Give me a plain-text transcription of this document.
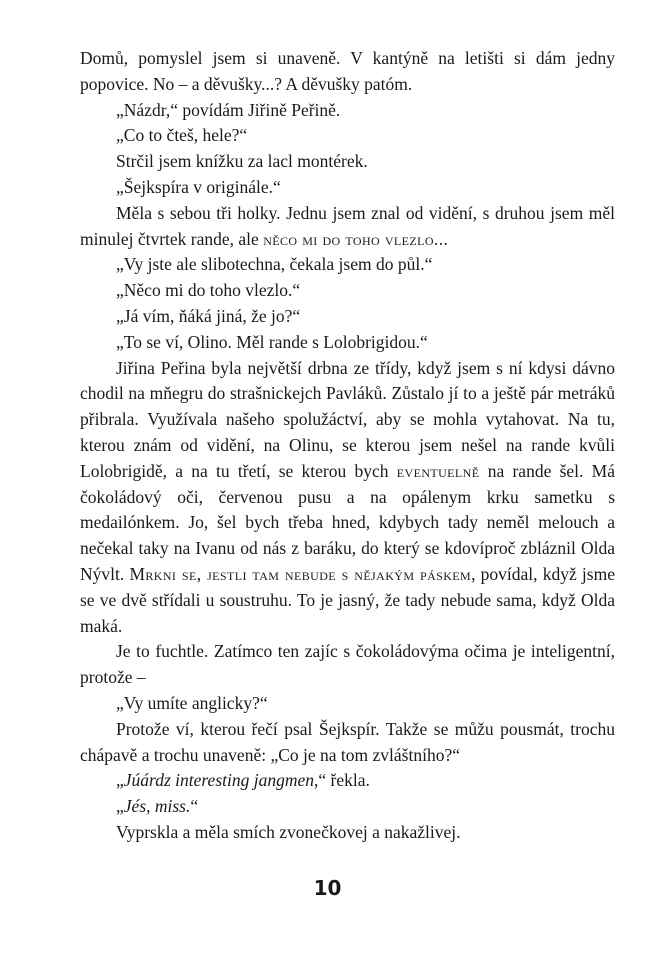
Domů, pomyslel jsem si unaveně. V kantýně na letišti si dám jedny popovice. No – a děvušky...? A děvušky patóm.

„Názdr,“ povídám Jiřině Peřině.

„Co to čteš, hele?“

Strčil jsem knížku za lacl montérek.

„Šejkspíra v originále.“

Měla s sebou tři holky. Jednu jsem znal od vidění, s druhou jsem měl minulej čtvrtek rande, ale něco mi do toho vlezlo...

„Vy jste ale slibotechna, čekala jsem do půl.“

„Něco mi do toho vlezlo.“

„Já vím, ňáká jiná, že jo?“

„To se ví, Olino. Měl rande s Lolobrigidou.“

Jiřina Peřina byla největší drbna ze třídy, když jsem s ní kdysi dávno chodil na mňegru do strašnickejch Pavláků. Zůstalo jí to a ještě pár metráků přibrala. Využívala našeho spolužáctví, aby se mohla vytahovat. Na tu, kterou znám od vidění, na Olinu, se kterou jsem nešel na rande kvůli Lolobrigidě, a na tu třetí, se kterou bych eventuelně na rande šel. Má čokoládový oči, červenou pusu a na opálenym krku sametku s medailónkem. Jo, šel bych třeba hned, kdybych tady neměl melouch a nečekal taky na Ivanu od nás z baráku, do který se kdovíproč zbláznil Olda Nývlt. Mrkni se, jestli tam nebude s nějakým páskem, povídal, když jsme se ve dvě střídali u soustruhu. To je jasný, že tady nebude sama, když Olda maká.

Je to fuchtle. Zatímco ten zajíc s čokoládovýma očima je inteligentní, protože –

„Vy umíte anglicky?“

Protože ví, kterou řečí psal Šejkspír. Takže se můžu pousmát, trochu chápavě a trochu unaveně: „Co je na tom zvláštního?“

„Júárdz interesting jangmen,“ řekla.

„Jés, miss.“

Vyprskla a měla smích zvonečkovej a nakažlivej.

10
